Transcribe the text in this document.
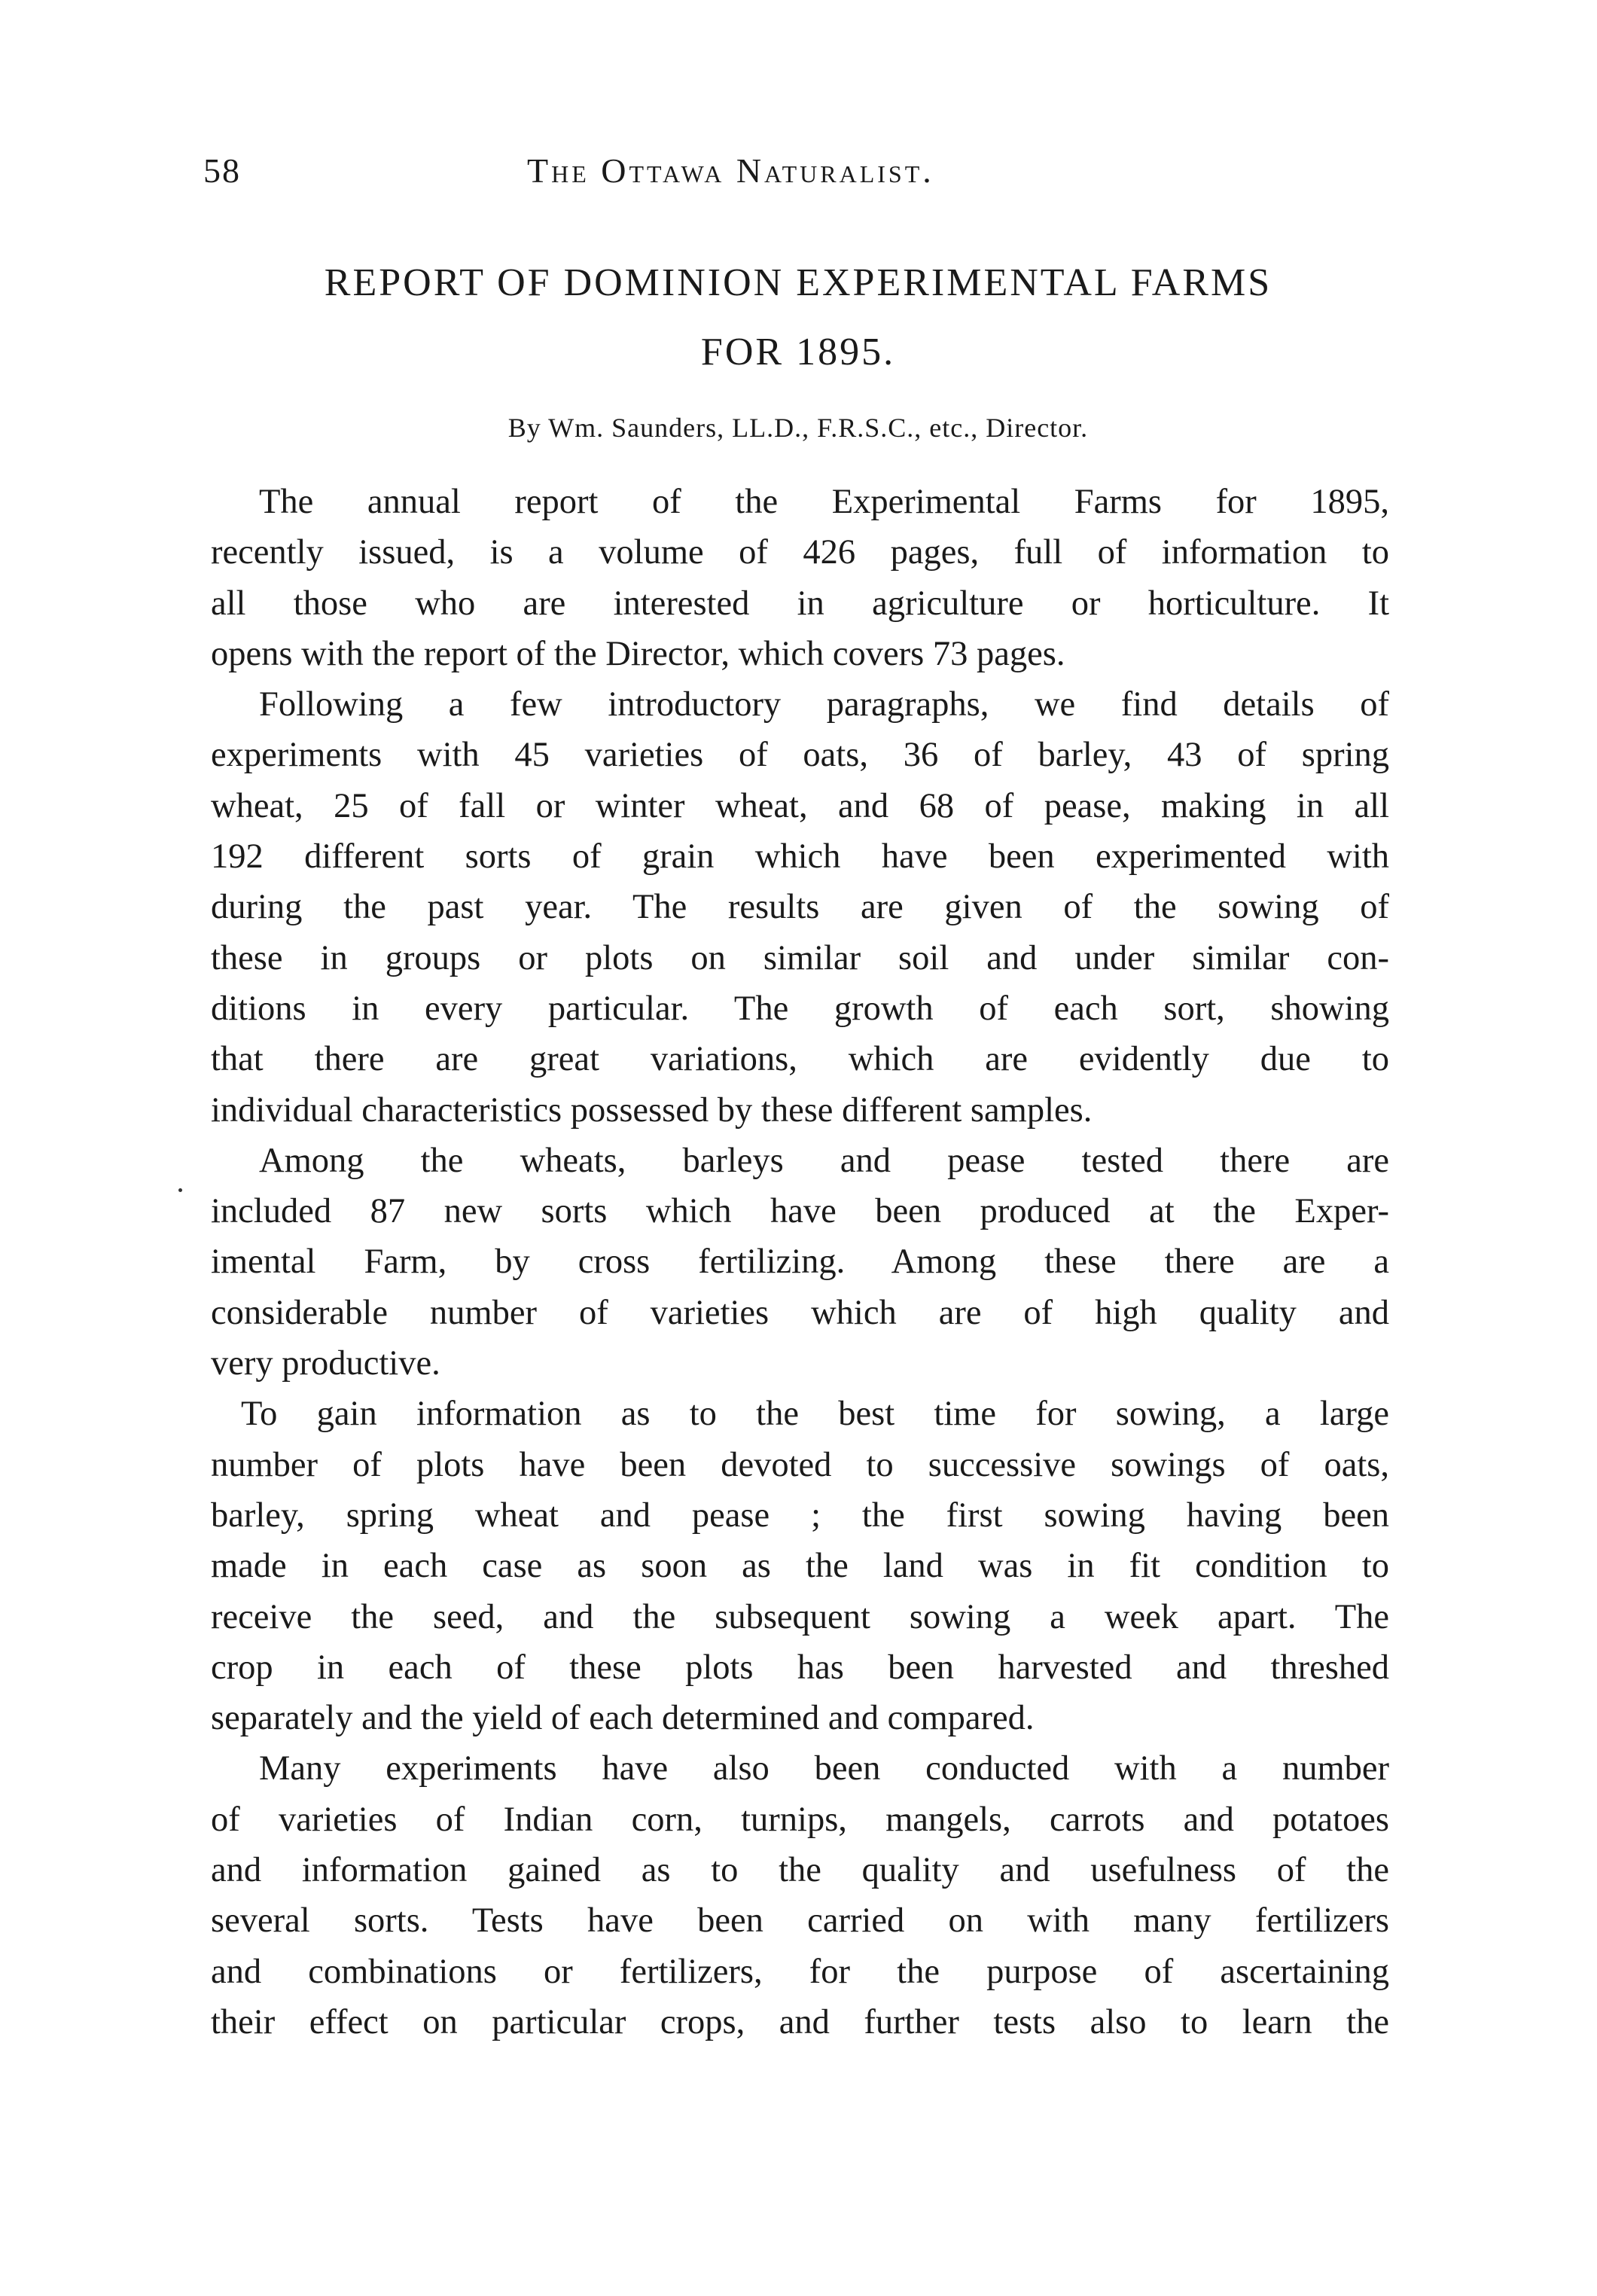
58	The Ottawa Naturalist.
REPORT OF DOMINION EXPERIMENTAL FARMS
FOR 1895.
By Wm. Saunders, LL.D., F.R.S.C., etc., Director.
The annual report of the Experimental Farms for 1895,
recently issued, is a volume of 426 pages, full of information to
all those who are interested in agriculture or horticulture. It
opens with the report of the Director, which covers 73 pages.
Following a few introductory paragraphs, we find details of
experiments with 45 varieties of oats, 36 of barley, 43 of spring
wheat, 25 of fall or winter wheat, and 68 of pease, making in all
192 different sorts of grain which have been experimented with
during the past year. The results are given of the sowing of
these in groups or plots on similar soil and under similar con-
ditions in every particular. The growth of each sort, showing
that there are great variations, which are evidently due to
individual characteristics possessed by these different samples.
Among the wheats, barleys and pease tested there are
included 87 new sorts which have been produced at the Exper-
imental Farm, by cross fertilizing. Among these there are a
considerable number of varieties which are of high quality and
very productive.
To gain information as to the best time for sowing, a large
number of plots have been devoted to successive sowings of oats,
barley, spring wheat and pease ; the first sowing having been
made in each case as soon as the land was in fit condition to
receive the seed, and the subsequent sowing a week apart. The
crop in each of these plots has been harvested and threshed
separately and the yield of each determined and compared.
Many experiments have also been conducted with a number
of varieties of Indian corn, turnips, mangels, carrots and potatoes
and information gained as to the quality and usefulness of the
several sorts. Tests have been carried on with many fertilizers
and combinations or fertilizers, for the purpose of ascertaining
their effect on particular crops, and further tests also to learn the
